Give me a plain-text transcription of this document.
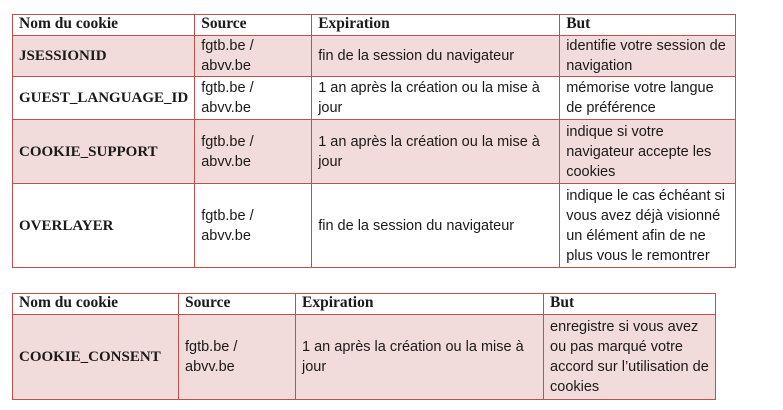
Nom du cookie	Source	Expiration	But
JSESSIONID	fgtb.be / abvv.be	fin de la session du navigateur	identifie votre session de navigation
GUEST_LANGUAGE_ID	fgtb.be / abvv.be	1 an après la création ou la mise à jour	mémorise votre langue de préférence
COOKIE_SUPPORT	fgtb.be / abvv.be	1 an après la création ou la mise à jour	indique si votre navigateur accepte les cookies
OVERLAYER	fgtb.be / abvv.be	fin de la session du navigateur	indique le cas échéant si vous avez déjà visionné un élément afin de ne plus vous le remontrer
Nom du cookie	Source	Expiration	But
COOKIE_CONSENT	fgtb.be / abvv.be	1 an après la création ou la mise à jour	enregistre si vous avez ou pas marqué votre accord sur l’utilisation de cookies
